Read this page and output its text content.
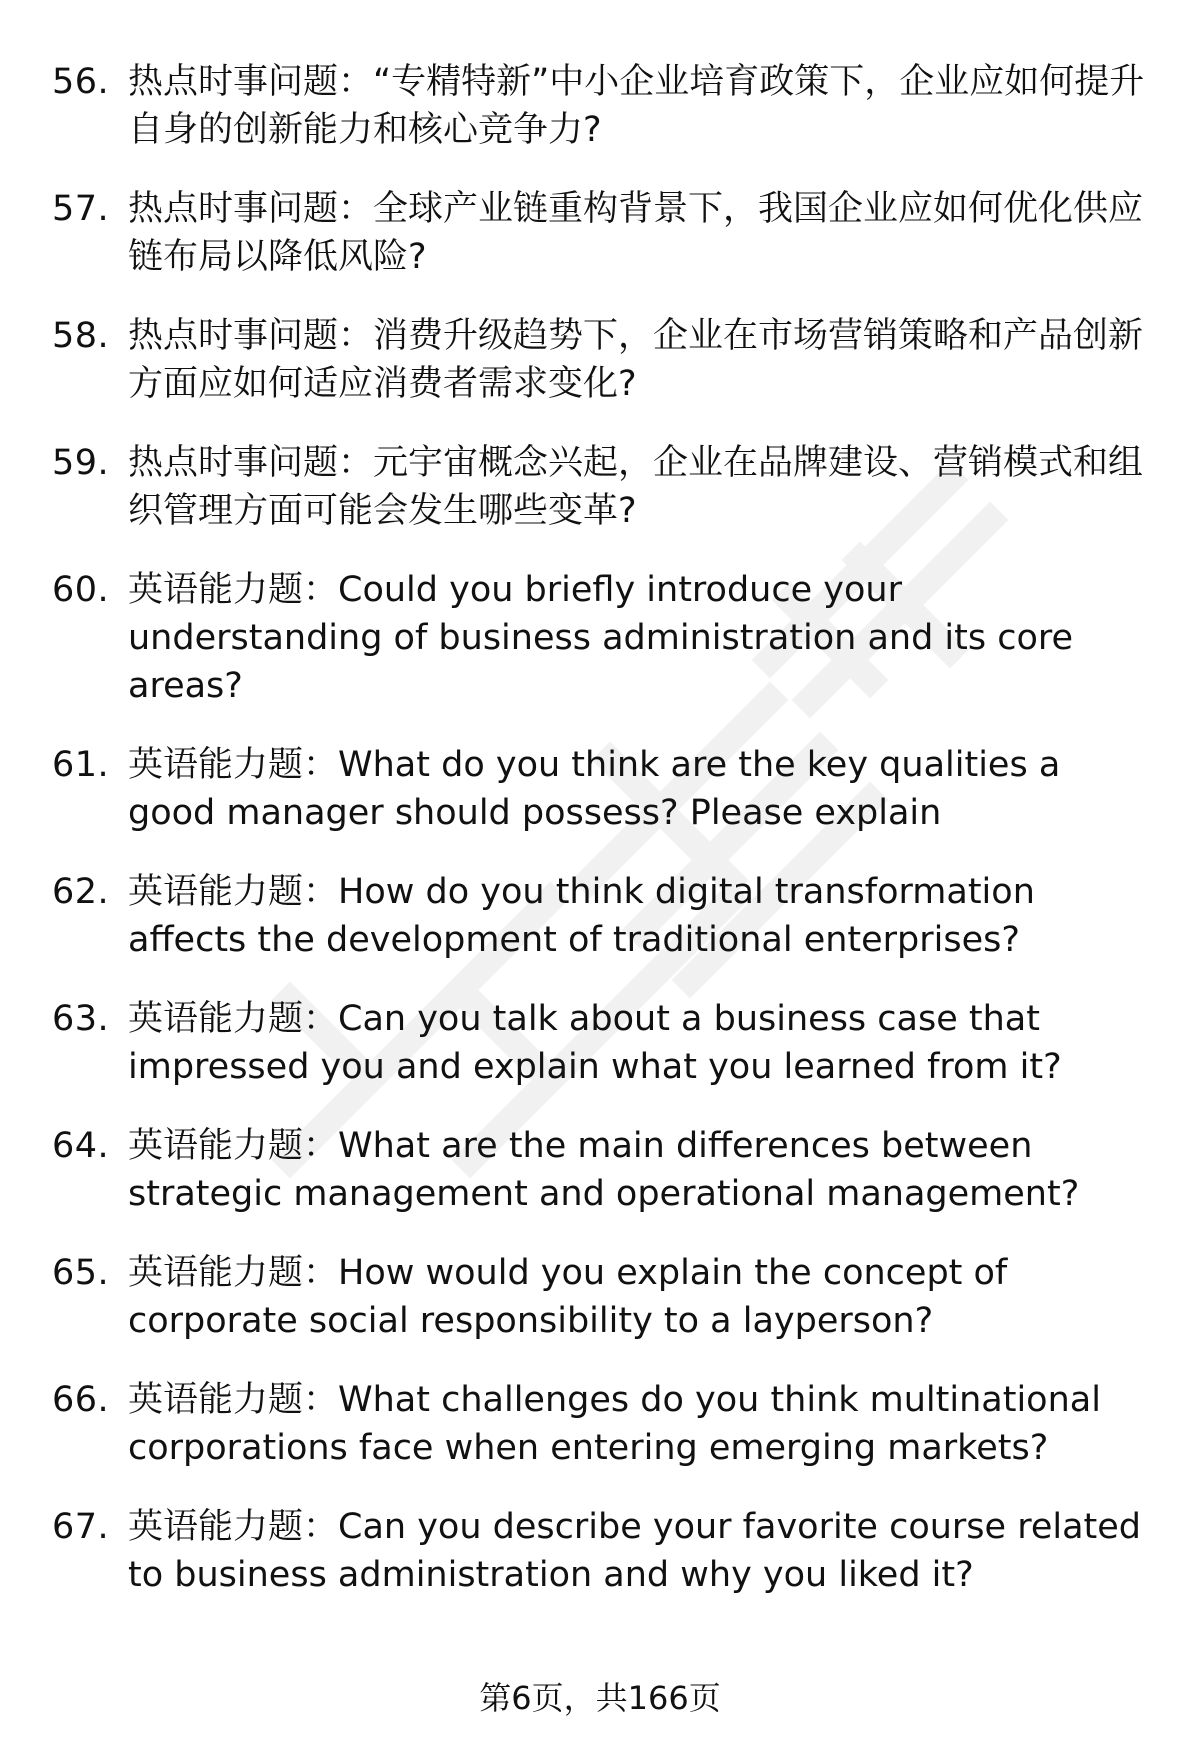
56. 热点时事问题：“专精特新”中小企业培育政策下，企业应如何提升自身的创新能力和核心竞争力?
57. 热点时事问题：全球产业链重构背景下，我国企业应如何优化供应链布局以降低风险?
58. 热点时事问题：消费升级趋势下，企业在市场营销策略和产品创新方面应如何适应消费者需求变化?
59. 热点时事问题：元宇宙概念兴起，企业在品牌建设、营销模式和组织管理方面可能会发生哪些变革?
60. 英语能力题：Could you briefly introduce your understanding of business administration and its core areas?
61. 英语能力题：What do you think are the key qualities a good manager should possess? Please explain
62. 英语能力题：How do you think digital transformation affects the development of traditional enterprises?
63. 英语能力题：Can you talk about a business case that impressed you and explain what you learned from it?
64. 英语能力题：What are the main differences between strategic management and operational management?
65. 英语能力题：How would you explain the concept of corporate social responsibility to a layperson?
66. 英语能力题：What challenges do you think multinational corporations face when entering emerging markets?
67. 英语能力题：Can you describe your favorite course related to business administration and why you liked it?
第6页，共166页
